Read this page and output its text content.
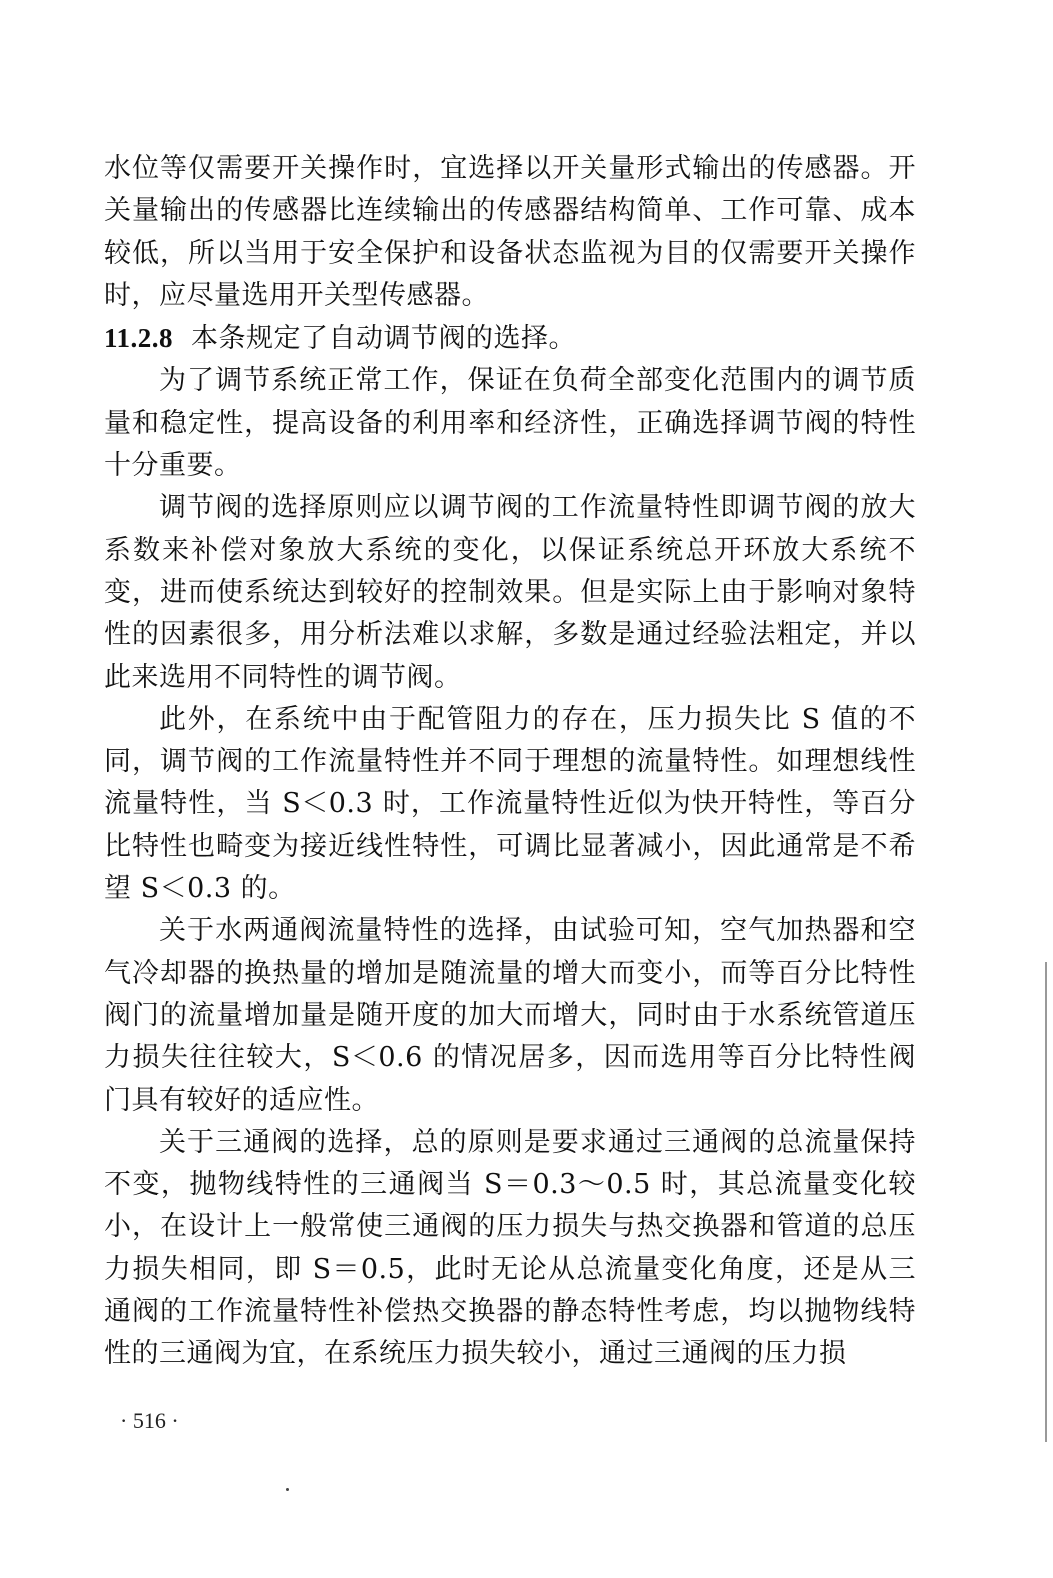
水位等仅需要开关操作时，宜选择以开关量形式输出的传感器。开关量输出的传感器比连续输出的传感器结构简单、工作可靠、成本较低，所以当用于安全保护和设备状态监视为目的仅需要开关操作时，应尽量选用开关型传感器。

11.2.8 本条规定了自动调节阀的选择。

为了调节系统正常工作，保证在负荷全部变化范围内的调节质量和稳定性，提高设备的利用率和经济性，正确选择调节阀的特性十分重要。

调节阀的选择原则应以调节阀的工作流量特性即调节阀的放大系数来补偿对象放大系统的变化，以保证系统总开环放大系统不变，进而使系统达到较好的控制效果。但是实际上由于影响对象特性的因素很多，用分析法难以求解，多数是通过经验法粗定，并以此来选用不同特性的调节阀。

此外，在系统中由于配管阻力的存在，压力损失比 S 值的不同，调节阀的工作流量特性并不同于理想的流量特性。如理想线性流量特性，当 S＜0.3 时，工作流量特性近似为快开特性，等百分比特性也畸变为接近线性特性，可调比显著减小，因此通常是不希望 S＜0.3 的。

关于水两通阀流量特性的选择，由试验可知，空气加热器和空气冷却器的换热量的增加是随流量的增大而变小，而等百分比特性阀门的流量增加量是随开度的加大而增大，同时由于水系统管道压力损失往往较大，S＜0.6 的情况居多，因而选用等百分比特性阀门具有较好的适应性。

关于三通阀的选择，总的原则是要求通过三通阀的总流量保持不变，抛物线特性的三通阀当 S＝0.3～0.5 时，其总流量变化较小，在设计上一般常使三通阀的压力损失与热交换器和管道的总压力损失相同，即 S＝0.5，此时无论从总流量变化角度，还是从三通阀的工作流量特性补偿热交换器的静态特性考虑，均以抛物线特性的三通阀为宜，在系统压力损失较小，通过三通阀的压力损

· 516 ·
